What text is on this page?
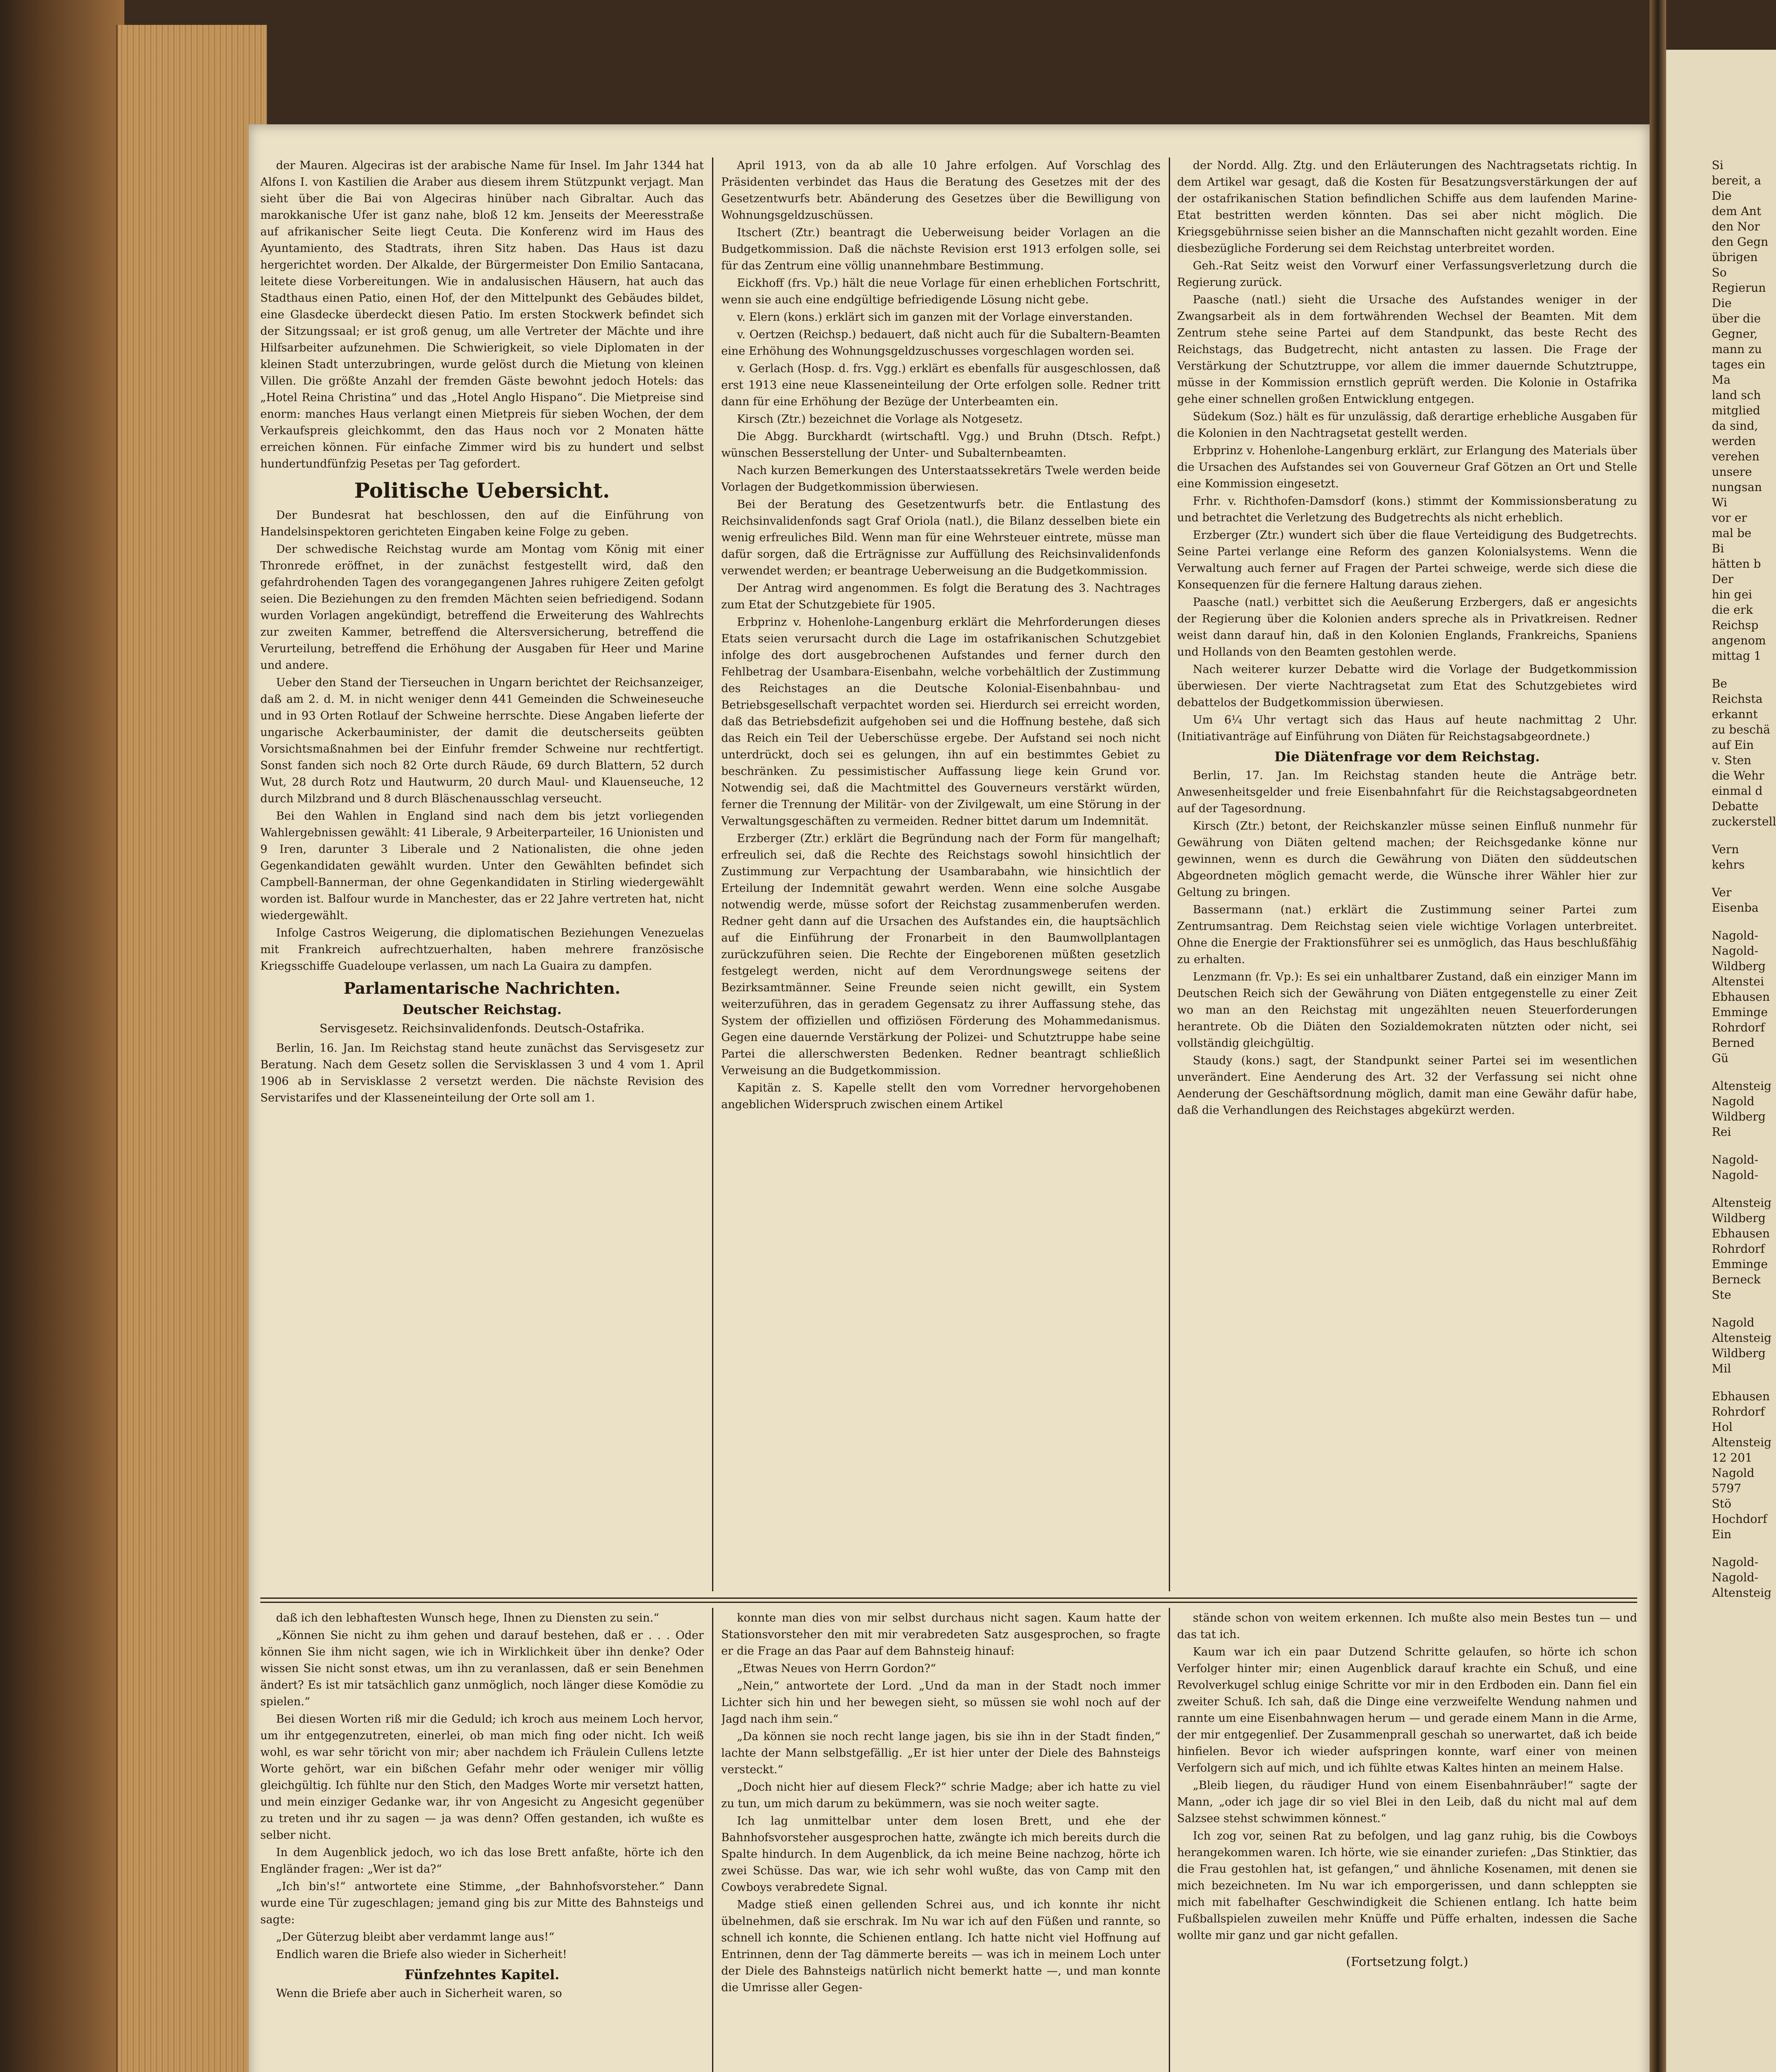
der Mauren. Algeciras ist der arabische Name für Insel. Im Jahr 1344 hat Alfons I. von Kastilien die Araber aus diesem ihrem Stützpunkt verjagt. Man sieht über die Bai von Algeciras hinüber nach Gibraltar. Auch das marokkanische Ufer ist ganz nahe, bloß 12 km. Jenseits der Meeresstraße auf afrikanischer Seite liegt Ceuta. Die Konferenz wird im Haus des Ayuntamiento, des Stadtrats, ihren Sitz haben. Das Haus ist dazu hergerichtet worden. Der Alkalde, der Bürgermeister Don Emilio Santacana, leitete diese Vorbereitungen. Wie in andalusischen Häusern, hat auch das Stadthaus einen Patio, einen Hof, der den Mittelpunkt des Gebäudes bildet, eine Glasdecke überdeckt diesen Patio. Im ersten Stockwerk befindet sich der Sitzungssaal; er ist groß genug, um alle Vertreter der Mächte und ihre Hilfsarbeiter aufzunehmen. Die Schwierigkeit, so viele Diplomaten in der kleinen Stadt unterzubringen, wurde gelöst durch die Mietung von kleinen Villen. Die größte Anzahl der fremden Gäste bewohnt jedoch Hotels: das „Hotel Reina Christina“ und das „Hotel Anglo Hispano“. Die Mietpreise sind enorm: manches Haus verlangt einen Mietpreis für sieben Wochen, der dem Verkaufspreis gleichkommt, den das Haus noch vor 2 Monaten hätte erreichen können. Für einfache Zimmer wird bis zu hundert und selbst hundertundfünfzig Pesetas per Tag gefordert.

Politische Uebersicht.

Der Bundesrat hat beschlossen, den auf die Einführung von Handelsinspektoren gerichteten Eingaben keine Folge zu geben.

Der schwedische Reichstag wurde am Montag vom König mit einer Thronrede eröffnet, in der zunächst festgestellt wird, daß den gefahrdrohenden Tagen des vorangegangenen Jahres ruhigere Zeiten gefolgt seien. Die Beziehungen zu den fremden Mächten seien befriedigend. Sodann wurden Vorlagen angekündigt, betreffend die Erweiterung des Wahlrechts zur zweiten Kammer, betreffend die Altersversicherung, betreffend die Verurteilung, betreffend die Erhöhung der Ausgaben für Heer und Marine und andere.

Ueber den Stand der Tierseuchen in Ungarn berichtet der Reichsanzeiger, daß am 2. d. M. in nicht weniger denn 441 Gemeinden die Schweineseuche und in 93 Orten Rotlauf der Schweine herrschte. Diese Angaben lieferte der ungarische Ackerbauminister, der damit die deutscherseits geübten Vorsichtsmaßnahmen bei der Einfuhr fremder Schweine nur rechtfertigt. Sonst fanden sich noch 82 Orte durch Räude, 69 durch Blattern, 52 durch Wut, 28 durch Rotz und Hautwurm, 20 durch Maul- und Klauenseuche, 12 durch Milzbrand und 8 durch Bläschenausschlag verseucht.

Bei den Wahlen in England sind nach dem bis jetzt vorliegenden Wahlergebnissen gewählt: 41 Liberale, 9 Arbeiterparteiler, 16 Unionisten und 9 Iren, darunter 3 Liberale und 2 Nationalisten, die ohne jeden Gegenkandidaten gewählt wurden. Unter den Gewählten befindet sich Campbell-Bannerman, der ohne Gegenkandidaten in Stirling wiedergewählt worden ist. Balfour wurde in Manchester, das er 22 Jahre vertreten hat, nicht wiedergewählt.

Infolge Castros Weigerung, die diplomatischen Beziehungen Venezuelas mit Frankreich aufrechtzuerhalten, haben mehrere französische Kriegsschiffe Guadeloupe verlassen, um nach La Guaira zu dampfen.

Parlamentarische Nachrichten.
Deutscher Reichstag.
Servisgesetz. Reichsinvalidenfonds. Deutsch-Ostafrika.

Berlin, 16. Jan. Im Reichstag stand heute zunächst das Servisgesetz zur Beratung. Nach dem Gesetz sollen die Servisklassen 3 und 4 vom 1. April 1906 ab in Servisklasse 2 versetzt werden. Die nächste Revision des Servistarifes und der Klasseneinteilung der Orte soll am 1.

April 1913, von da ab alle 10 Jahre erfolgen. Auf Vorschlag des Präsidenten verbindet das Haus die Beratung des Gesetzes mit der des Gesetzentwurfs betr. Abänderung des Gesetzes über die Bewilligung von Wohnungsgeldzuschüssen.

Itschert (Ztr.) beantragt die Ueberweisung beider Vorlagen an die Budgetkommission. Daß die nächste Revision erst 1913 erfolgen solle, sei für das Zentrum eine völlig unannehmbare Bestimmung.

Eickhoff (frs. Vp.) hält die neue Vorlage für einen erheblichen Fortschritt, wenn sie auch eine endgültige befriedigende Lösung nicht gebe.

v. Elern (kons.) erklärt sich im ganzen mit der Vorlage einverstanden.

v. Oertzen (Reichsp.) bedauert, daß nicht auch für die Subaltern-Beamten eine Erhöhung des Wohnungsgeldzuschusses vorgeschlagen worden sei.

v. Gerlach (Hosp. d. frs. Vgg.) erklärt es ebenfalls für ausgeschlossen, daß erst 1913 eine neue Klasseneinteilung der Orte erfolgen solle. Redner tritt dann für eine Erhöhung der Bezüge der Unterbeamten ein.

Kirsch (Ztr.) bezeichnet die Vorlage als Notgesetz.

Die Abgg. Burckhardt (wirtschaftl. Vgg.) und Bruhn (Dtsch. Refpt.) wünschen Besserstellung der Unter- und Subalternbeamten.

Nach kurzen Bemerkungen des Unterstaatssekretärs Twele werden beide Vorlagen der Budgetkommission überwiesen.

Bei der Beratung des Gesetzentwurfs betr. die Entlastung des Reichsinvalidenfonds sagt Graf Oriola (natl.), die Bilanz desselben biete ein wenig erfreuliches Bild. Wenn man für eine Wehrsteuer eintrete, müsse man dafür sorgen, daß die Erträgnisse zur Auffüllung des Reichsinvalidenfonds verwendet werden; er beantrage Ueberweisung an die Budgetkommission.

Der Antrag wird angenommen. Es folgt die Beratung des 3. Nachtrages zum Etat der Schutzgebiete für 1905.

Erbprinz v. Hohenlohe-Langenburg erklärt die Mehrforderungen dieses Etats seien verursacht durch die Lage im ostafrikanischen Schutzgebiet infolge des dort ausgebrochenen Aufstandes und ferner durch den Fehlbetrag der Usambara-Eisenbahn, welche vorbehältlich der Zustimmung des Reichstages an die Deutsche Kolonial-Eisenbahnbau- und Betriebsgesellschaft verpachtet worden sei. Hierdurch sei erreicht worden, daß das Betriebsdefizit aufgehoben sei und die Hoffnung bestehe, daß sich das Reich ein Teil der Ueberschüsse ergebe. Der Aufstand sei noch nicht unterdrückt, doch sei es gelungen, ihn auf ein bestimmtes Gebiet zu beschränken. Zu pessimistischer Auffassung liege kein Grund vor. Notwendig sei, daß die Machtmittel des Gouverneurs verstärkt würden, ferner die Trennung der Militär- von der Zivilgewalt, um eine Störung in der Verwaltungsgeschäften zu vermeiden. Redner bittet darum um Indemnität.

Erzberger (Ztr.) erklärt die Begründung nach der Form für mangelhaft; erfreulich sei, daß die Rechte des Reichstags sowohl hinsichtlich der Zustimmung zur Verpachtung der Usambarabahn, wie hinsichtlich der Erteilung der Indemnität gewahrt werden. Wenn eine solche Ausgabe notwendig werde, müsse sofort der Reichstag zusammenberufen werden. Redner geht dann auf die Ursachen des Aufstandes ein, die hauptsächlich auf die Einführung der Fronarbeit in den Baumwollplantagen zurückzuführen seien. Die Rechte der Eingeborenen müßten gesetzlich festgelegt werden, nicht auf dem Verordnungswege seitens der Bezirksamtmänner. Seine Freunde seien nicht gewillt, ein System weiterzuführen, das in geradem Gegensatz zu ihrer Auffassung stehe, das System der offiziellen und offiziösen Förderung des Mohammedanismus. Gegen eine dauernde Verstärkung der Polizei- und Schutztruppe habe seine Partei die allerschwersten Bedenken. Redner beantragt schließlich Verweisung an die Budgetkommission.

Kapitän z. S. Kapelle stellt den vom Vorredner hervorgehobenen angeblichen Widerspruch zwischen einem Artikel

der Nordd. Allg. Ztg. und den Erläuterungen des Nachtragsetats richtig. In dem Artikel war gesagt, daß die Kosten für Besatzungsverstärkungen der auf der ostafrikanischen Station befindlichen Schiffe aus dem laufenden Marine-Etat bestritten werden könnten. Das sei aber nicht möglich. Die Kriegsgebührnisse seien bisher an die Mannschaften nicht gezahlt worden. Eine diesbezügliche Forderung sei dem Reichstag unterbreitet worden.

Geh.-Rat Seitz weist den Vorwurf einer Verfassungsverletzung durch die Regierung zurück.

Paasche (natl.) sieht die Ursache des Aufstandes weniger in der Zwangsarbeit als in dem fortwährenden Wechsel der Beamten. Mit dem Zentrum stehe seine Partei auf dem Standpunkt, das beste Recht des Reichstags, das Budgetrecht, nicht antasten zu lassen. Die Frage der Verstärkung der Schutztruppe, vor allem die immer dauernde Schutztruppe, müsse in der Kommission ernstlich geprüft werden. Die Kolonie in Ostafrika gehe einer schnellen großen Entwicklung entgegen.

Südekum (Soz.) hält es für unzulässig, daß derartige erhebliche Ausgaben für die Kolonien in den Nachtragsetat gestellt werden.

Erbprinz v. Hohenlohe-Langenburg erklärt, zur Erlangung des Materials über die Ursachen des Aufstandes sei von Gouverneur Graf Götzen an Ort und Stelle eine Kommission eingesetzt.

Frhr. v. Richthofen-Damsdorf (kons.) stimmt der Kommissionsberatung zu und betrachtet die Verletzung des Budgetrechts als nicht erheblich.

Erzberger (Ztr.) wundert sich über die flaue Verteidigung des Budgetrechts. Seine Partei verlange eine Reform des ganzen Kolonialsystems. Wenn die Verwaltung auch ferner auf Fragen der Partei schweige, werde sich diese die Konsequenzen für die fernere Haltung daraus ziehen.

Paasche (natl.) verbittet sich die Aeußerung Erzbergers, daß er angesichts der Regierung über die Kolonien anders spreche als in Privatkreisen. Redner weist dann darauf hin, daß in den Kolonien Englands, Frankreichs, Spaniens und Hollands von den Beamten gestohlen werde.

Nach weiterer kurzer Debatte wird die Vorlage der Budgetkommission überwiesen. Der vierte Nachtragsetat zum Etat des Schutzgebietes wird debattelos der Budgetkommission überwiesen.

Um 6¼ Uhr vertagt sich das Haus auf heute nachmittag 2 Uhr. (Initiativanträge auf Einführung von Diäten für Reichstagsabgeordnete.)

Die Diätenfrage vor dem Reichstag.

Berlin, 17. Jan. Im Reichstag standen heute die Anträge betr. Anwesenheitsgelder und freie Eisenbahnfahrt für die Reichstagsabgeordneten auf der Tagesordnung.

Kirsch (Ztr.) betont, der Reichskanzler müsse seinen Einfluß nunmehr für Gewährung von Diäten geltend machen; der Reichsgedanke könne nur gewinnen, wenn es durch die Gewährung von Diäten den süddeutschen Abgeordneten möglich gemacht werde, die Wünsche ihrer Wähler hier zur Geltung zu bringen.

Bassermann (nat.) erklärt die Zustimmung seiner Partei zum Zentrumsantrag. Dem Reichstag seien viele wichtige Vorlagen unterbreitet. Ohne die Energie der Fraktionsführer sei es unmöglich, das Haus beschlußfähig zu erhalten.

Lenzmann (fr. Vp.): Es sei ein unhaltbarer Zustand, daß ein einziger Mann im Deutschen Reich sich der Gewährung von Diäten entgegenstelle zu einer Zeit wo man an den Reichstag mit ungezählten neuen Steuerforderungen herantrete. Ob die Diäten den Sozialdemokraten nützten oder nicht, sei vollständig gleichgültig.

Staudy (kons.) sagt, der Standpunkt seiner Partei sei im wesentlichen unverändert. Eine Aenderung des Art. 32 der Verfassung sei nicht ohne Aenderung der Geschäftsordnung möglich, damit man eine Gewähr dafür habe, daß die Verhandlungen des Reichstages abgekürzt werden.

daß ich den lebhaftesten Wunsch hege, Ihnen zu Diensten zu sein.“

„Können Sie nicht zu ihm gehen und darauf bestehen, daß er . . . Oder können Sie ihm nicht sagen, wie ich in Wirklichkeit über ihn denke? Oder wissen Sie nicht sonst etwas, um ihn zu veranlassen, daß er sein Benehmen ändert? Es ist mir tatsächlich ganz unmöglich, noch länger diese Komödie zu spielen.“

Bei diesen Worten riß mir die Geduld; ich kroch aus meinem Loch hervor, um ihr entgegenzutreten, einerlei, ob man mich fing oder nicht. Ich weiß wohl, es war sehr töricht von mir; aber nachdem ich Fräulein Cullens letzte Worte gehört, war ein bißchen Gefahr mehr oder weniger mir völlig gleichgültig. Ich fühlte nur den Stich, den Madges Worte mir versetzt hatten, und mein einziger Gedanke war, ihr von Angesicht zu Angesicht gegenüber zu treten und ihr zu sagen — ja was denn? Offen gestanden, ich wußte es selber nicht.

In dem Augenblick jedoch, wo ich das lose Brett anfaßte, hörte ich den Engländer fragen: „Wer ist da?“

„Ich bin's!“ antwortete eine Stimme, „der Bahnhofsvorsteher.“ Dann wurde eine Tür zugeschlagen; jemand ging bis zur Mitte des Bahnsteigs und sagte:

„Der Güterzug bleibt aber verdammt lange aus!“

Endlich waren die Briefe also wieder in Sicherheit!

Fünfzehntes Kapitel.

Wenn die Briefe aber auch in Sicherheit waren, so

konnte man dies von mir selbst durchaus nicht sagen. Kaum hatte der Stationsvorsteher den mit mir verabredeten Satz ausgesprochen, so fragte er die Frage an das Paar auf dem Bahnsteig hinauf:

„Etwas Neues von Herrn Gordon?“

„Nein,“ antwortete der Lord. „Und da man in der Stadt noch immer Lichter sich hin und her bewegen sieht, so müssen sie wohl noch auf der Jagd nach ihm sein.“

„Da können sie noch recht lange jagen, bis sie ihn in der Stadt finden,“ lachte der Mann selbstgefällig. „Er ist hier unter der Diele des Bahnsteigs versteckt.“

„Doch nicht hier auf diesem Fleck?“ schrie Madge; aber ich hatte zu viel zu tun, um mich darum zu bekümmern, was sie noch weiter sagte.

Ich lag unmittelbar unter dem losen Brett, und ehe der Bahnhofsvorsteher ausgesprochen hatte, zwängte ich mich bereits durch die Spalte hindurch. In dem Augenblick, da ich meine Beine nachzog, hörte ich zwei Schüsse. Das war, wie ich sehr wohl wußte, das von Camp mit den Cowboys verabredete Signal.

Madge stieß einen gellenden Schrei aus, und ich konnte ihr nicht übelnehmen, daß sie erschrak. Im Nu war ich auf den Füßen und rannte, so schnell ich konnte, die Schienen entlang. Ich hatte nicht viel Hoffnung auf Entrinnen, denn der Tag dämmerte bereits — was ich in meinem Loch unter der Diele des Bahnsteigs natürlich nicht bemerkt hatte —, und man konnte die Umrisse aller Gegen-

stände schon von weitem erkennen. Ich mußte also mein Bestes tun — und das tat ich.

Kaum war ich ein paar Dutzend Schritte gelaufen, so hörte ich schon Verfolger hinter mir; einen Augenblick darauf krachte ein Schuß, und eine Revolverkugel schlug einige Schritte vor mir in den Erdboden ein. Dann fiel ein zweiter Schuß. Ich sah, daß die Dinge eine verzweifelte Wendung nahmen und rannte um eine Eisenbahnwagen herum — und gerade einem Mann in die Arme, der mir entgegenlief. Der Zusammenprall geschah so unerwartet, daß ich beide hinfielen. Bevor ich wieder aufspringen konnte, warf einer von meinen Verfolgern sich auf mich, und ich fühlte etwas Kaltes hinten an meinem Halse.

„Bleib liegen, du räudiger Hund von einem Eisenbahnräuber!“ sagte der Mann, „oder ich jage dir so viel Blei in den Leib, daß du nicht mal auf dem Salzsee stehst schwimmen könnest.“

Ich zog vor, seinen Rat zu befolgen, und lag ganz ruhig, bis die Cowboys herangekommen waren. Ich hörte, wie sie einander zuriefen: „Das Stinktier, das die Frau gestohlen hat, ist gefangen,“ und ähnliche Kosenamen, mit denen sie mich bezeichneten. Im Nu war ich emporgerissen, und dann schleppten sie mich mit fabelhafter Geschwindigkeit die Schienen entlang. Ich hatte beim Fußballspielen zuweilen mehr Knüffe und Püffe erhalten, indessen die Sache wollte mir ganz und gar nicht gefallen.

(Fortsetzung folgt.)
Si
bereit, a
Die
dem Ant
den Nor
den Gegn
übrigen
So
Regierun
Die
über die
Gegner,
mann zu
tages ein
Ma
land sch
mitglied
da sind,
werden
verehen
unsere
nungsan
Wi
vor er
mal be
Bi
hätten b
Der
hin gei
die erk
Reichsp
angenom
mittag 1
Be
Reichsta
erkannt
zu beschä
auf Ein
v. Sten
die Wehr
einmal d
Debatte
zuckerstell
Vern
kehrs
Ver
Eisenba
Nagold-
Nagold-
Wildberg
Altenstei
Ebhausen
Emminge
Rohrdorf
Berned
Gü
Altensteig
Nagold
Wildberg
Rei
Nagold-
Nagold-
Altensteig
Wildberg
Ebhausen
Rohrdorf
Emminge
Berneck
Ste
Nagold
Altensteig
Wildberg
Mil
Ebhausen
Rohrdorf
Hol
Altensteig
12 201
Nagold
5797
Stö
Hochdorf
Ein
Nagold-
Nagold-
Altensteig
